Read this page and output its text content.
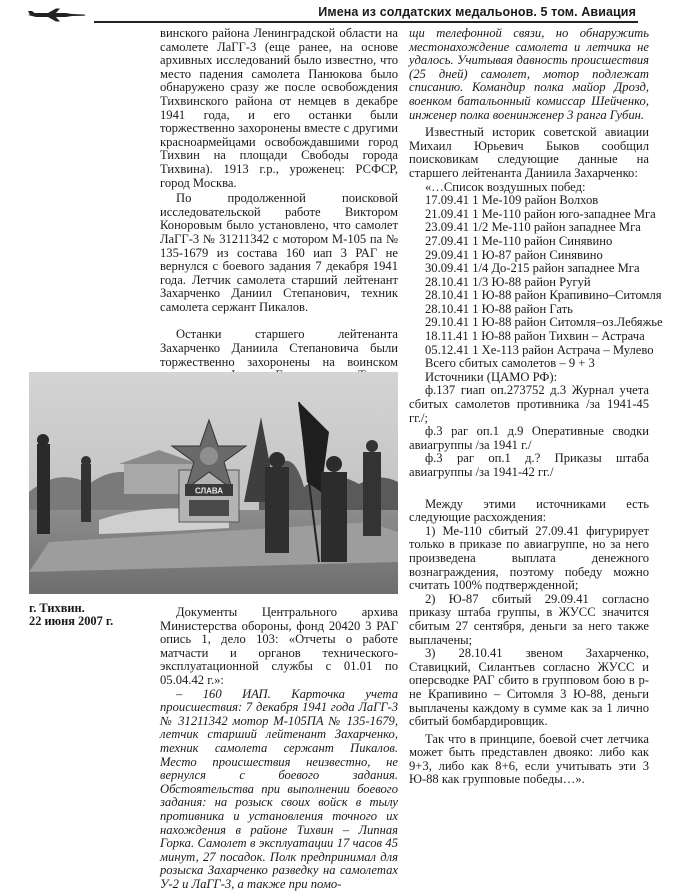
Имена из солдатских медальонов. 5 том. Авиация

винского района Ленинградской области на самолете ЛаГГ-3 (еще ранее, на основе архивных исследований было известно, что место падения самолета Панюкова было обнаружено сразу же после освобождения Тихвинского района от немцев в декабре 1941 года, и его останки были торжественно захоронены вместе с другими красноармейцами освобождавшими город Тихвин на площади Свободы города Тихвина). 1913 г.р., уроженец: РСФСР, город Москва.

По продолженной поисковой исследовательской работе Виктором Коноровым было установлено, что самолет ЛаГГ-3 № 31211342 с мотором М-105 па № 135-1679 из состава 160 иап 3 РАГ не вернулся с боевого задания 7 декабря 1941 года. Летчик самолета старший лейтенант Захарченко Даниил Степанович, техник самолета сержант Пикалов.

Останки старшего лейтенанта Захарченко Даниила Степановича были торжественно захоронены на воинском

СЛАВА
г. Тихвин.
22 июня 2007 г.

Документы Центрального архива Министерства обороны, фонд 20420 3 РАГ опись 1, дело 103: «Отчеты о работе матчасти и органов технического-эксплуатационной службы с 01.01 по 05.04.42 г.»:

– 160 ИАП. Карточка учета происшествия: 7 декабря 1941 года ЛаГГ-3 № 31211342 мотор М-105ПА № 135-1679, летчик старший лейтенант Захарченко, техник самолета сержант Пикалов. Место происшествия неизвестно, не вернулся с боевого задания. Обстоятельства при выполнении боевого задания: на розыск своих войск в тылу противника и установления точного их нахождения в районе Тихвин – Липная Горка. Самолет в эксплуатации 17 часов 45 минут, 27 посадок. Полк предпринимал для розыска Захарченко разведку на самолетах У-2 и ЛаГГ-3, а также при помо-

щи телефонной связи, но обнаружить местонахождение самолета и летчика не удалось. Учитывая давность происшествия (25 дней) самолет, мотор подлежат списанию. Командир полка майор Дрозд, военком батальонный комиссар Шейченко, инженер полка военинженер 3 ранга Губин.

Известный историк советской авиации Михаил Юрьевич Быков сообщил поисковикам следующие данные на старшего лейтенанта Даниила Захарченко:

«…Список воздушных побед:
17.09.41 1 Ме-109 район Волхов
21.09.41 1 Ме-110 район юго-западнее Мга
23.09.41 1/2 Ме-110 район западнее Мга
27.09.41 1 Ме-110 район Синявино
29.09.41 1 Ю-87 район Синявино
30.09.41 1/4 До-215 район западнее Мга
28.10.41 1/3 Ю-88 район Ругуй
28.10.41 1 Ю-88 район Крапивино–Ситомля
28.10.41 1 Ю-88 район Гать
29.10.41 1 Ю-88 район Ситомля–оз.Лебяжье
18.11.41 1 Ю-88 район Тихвин – Астрача
05.12.41 1 Хе-113 район Астрача – Мулево
Всего сбитых самолетов – 9 + 3
Источники (ЦАМО РФ):

ф.137 гиап оп.273752 д.3 Журнал учета сбитых самолетов противника /за 1941-45 гг./;

ф.3 раг оп.1 д.9 Оперативные сводки авиагруппы /за 1941 г./

ф.3 раг оп.1 д.? Приказы штаба авиагруппы /за 1941-42 гг./

Между этими источниками есть следующие расхождения:

1) Ме-110 сбитый 27.09.41 фигурирует только в приказе по авиагруппе, но за него произведена выплата денежного вознаграждения, поэтому победу можно считать 100% подтвержденной;

2) Ю-87 сбитый 29.09.41 согласно приказу штаба группы, в ЖУСС значится сбитым 27 сентября, деньги за него также выплачены;

3) 28.10.41 звеном Захарченко, Ставицкий, Силантьев согласно ЖУСС и оперсводке РАГ сбито в групповом бою в р-не Крапивино – Ситомля 3 Ю-88, деньги выплачены каждому в сумме как за 1 лично сбитый бомбардировщик.

Так что в принципе, боевой счет летчика может быть представлен двояко: либо как 9+3, либо как 8+6, если учитывать эти 3 Ю-88 как групповые победы…».
